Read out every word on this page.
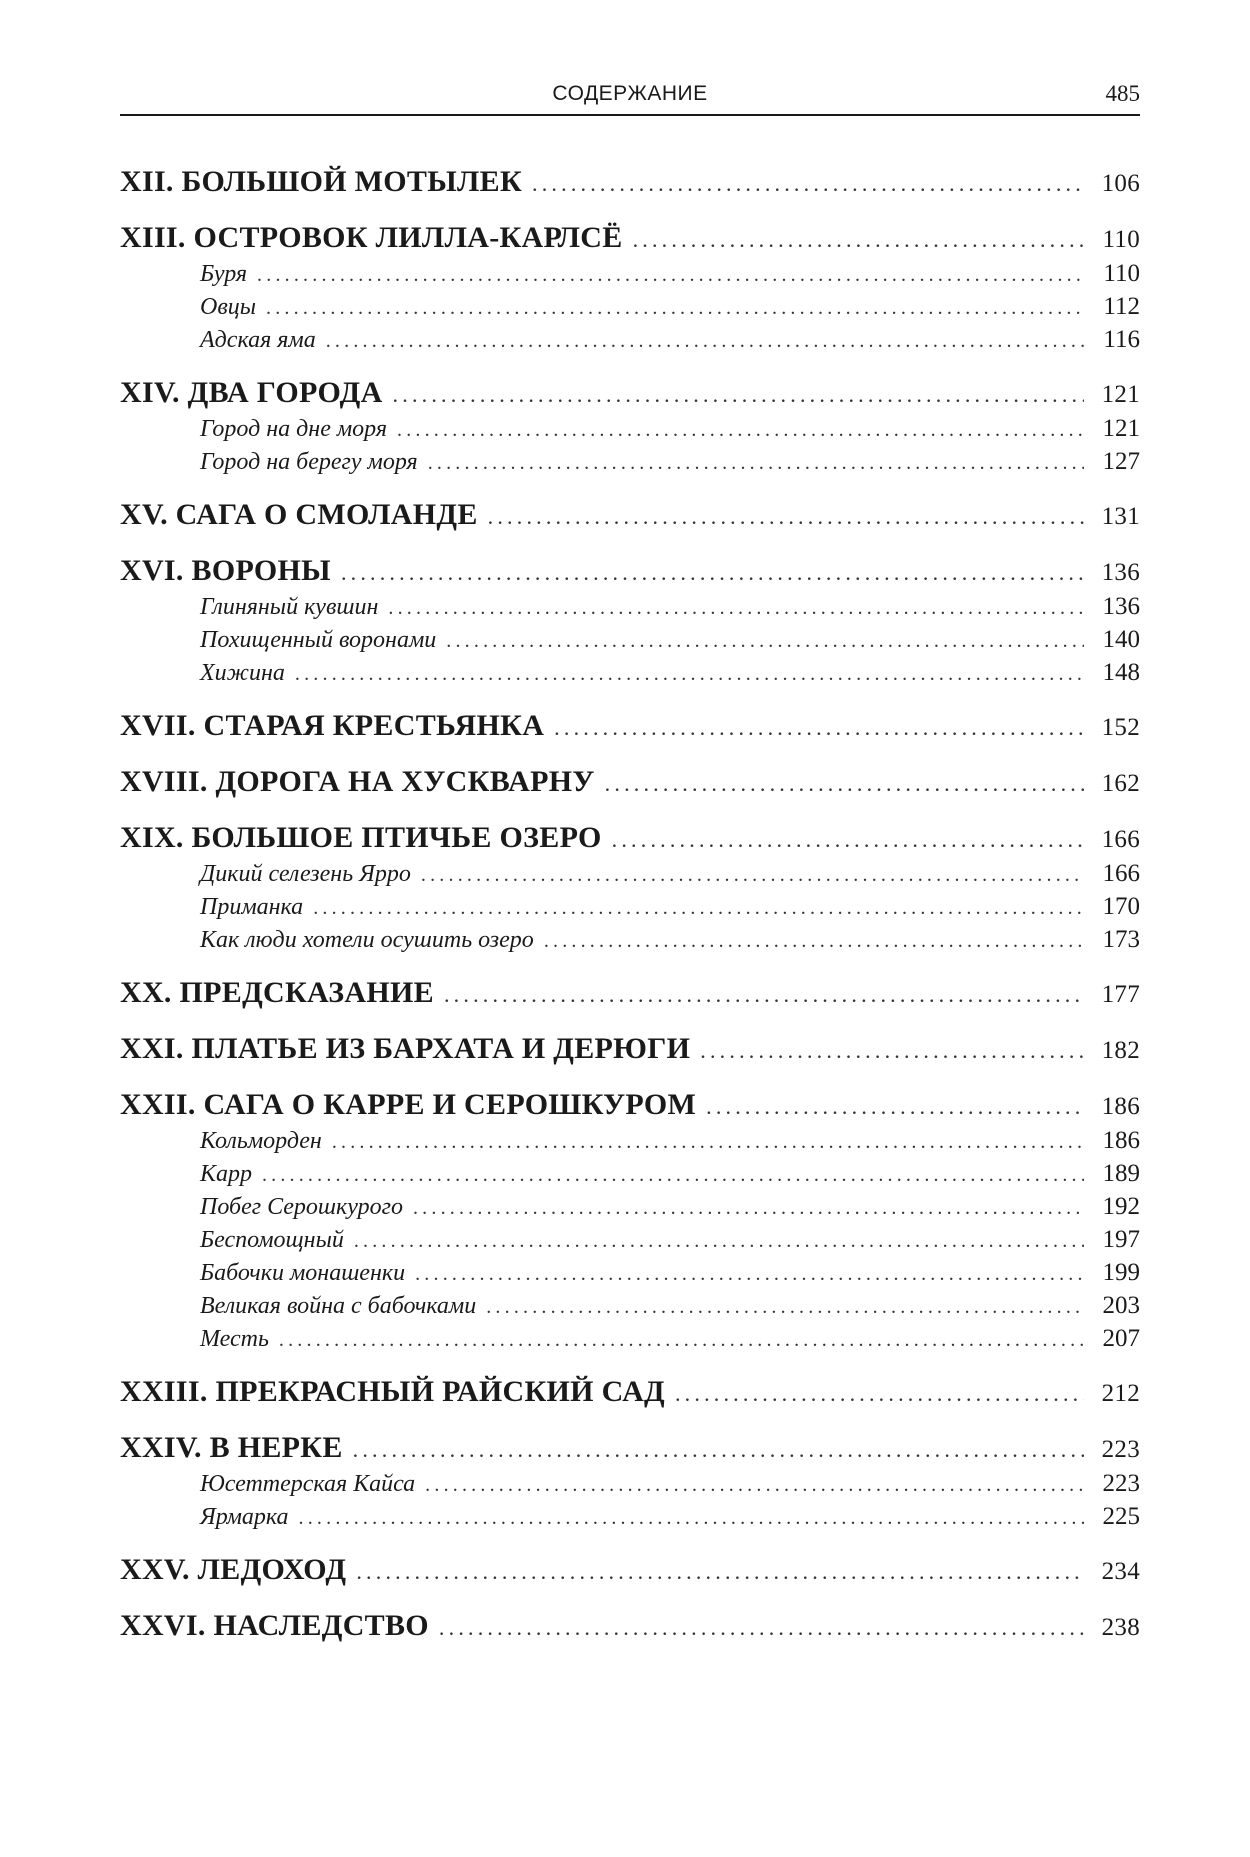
СОДЕРЖАНИЕ	485
XII. БОЛЬШОЙ МОТЫЛЕК .....	106
XIII. ОСТРОВОК ЛИЛЛА-КАРЛСЁ .....	110
Буря .....	110
Овцы .....	112
Адская яма .....	116
XIV. ДВА ГОРОДА .....	121
Город на дне моря .....	121
Город на берегу моря .....	127
XV. САГА О СМОЛАНДЕ .....	131
XVI. ВОРОНЫ .....	136
Глиняный кувшин .....	136
Похищенный воронами .....	140
Хижина .....	148
XVII. СТАРАЯ КРЕСТЬЯНКА .....	152
XVIII. ДОРОГА НА ХУСКВАРНУ .....	162
XIX. БОЛЬШОЕ ПТИЧЬЕ ОЗЕРО .....	166
Дикий селезень Ярро .....	166
Приманка .....	170
Как люди хотели осушить озеро .....	173
XX. ПРЕДСКАЗАНИЕ .....	177
XXI. ПЛАТЬЕ ИЗ БАРХАТА И ДЕРЮГИ .....	182
XXII. САГА О КАРРЕ И СЕРОШКУРОМ .....	186
Кольморден .....	186
Карр .....	189
Побег Серошкурого .....	192
Беспомощный .....	197
Бабочки монашенки .....	199
Великая война с бабочками .....	203
Месть .....	207
XXIII. ПРЕКРАСНЫЙ РАЙСКИЙ САД .....	212
XXIV. В НЕРКЕ .....	223
Юсеттерская Кайса .....	223
Ярмарка .....	225
XXV. ЛЕДОХОД .....	234
XXVI. НАСЛЕДСТВО .....	238
